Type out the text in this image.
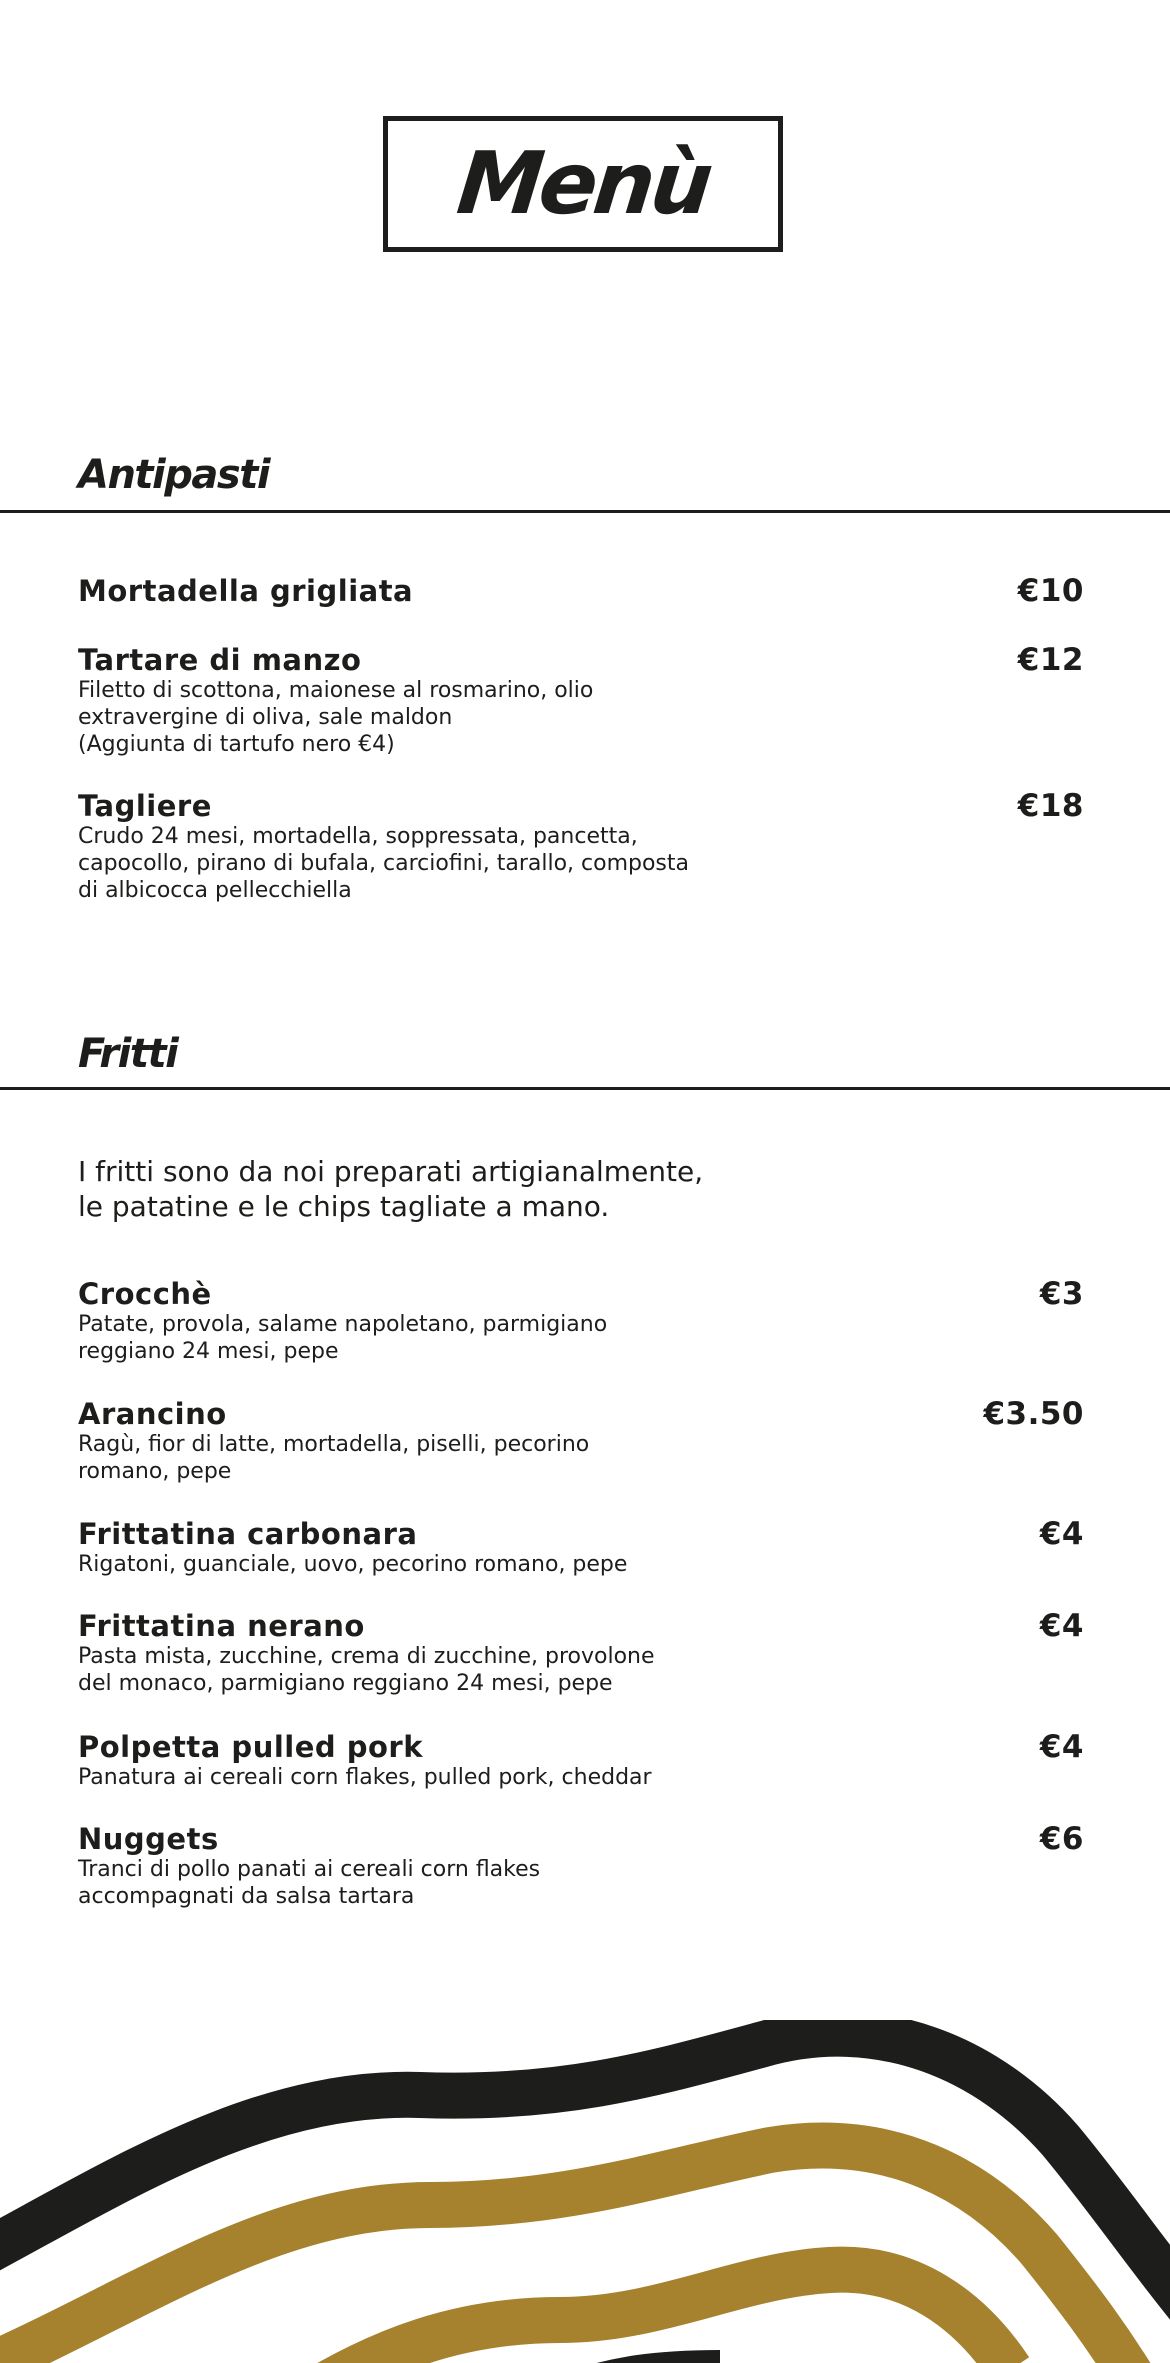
Menù
Antipasti
Mortadella grigliata	€10
Tartare di manzo
Filetto di scottona, maionese al rosmarino, olio
extravergine di oliva, sale maldon
(Aggiunta di tartufo nero €4)
€12
Tagliere
Crudo 24 mesi, mortadella, soppressata, pancetta,
capocollo, pirano di bufala, carciofini, tarallo, composta
di albicocca pellecchiella
€18
Fritti
I fritti sono da noi preparati artigianalmente,
le patatine e le chips tagliate a mano.
Crocchè
Patate, provola, salame napoletano, parmigiano
reggiano 24 mesi, pepe
€3
Arancino
Ragù, fior di latte, mortadella, piselli, pecorino
romano, pepe
€3.50
Frittatina carbonara
Rigatoni, guanciale, uovo, pecorino romano, pepe
€4
Frittatina nerano
Pasta mista, zucchine, crema di zucchine, provolone
del monaco, parmigiano reggiano 24 mesi, pepe
€4
Polpetta pulled pork
Panatura ai cereali corn flakes, pulled pork, cheddar
€4
Nuggets
Tranci di pollo panati ai cereali corn flakes
accompagnati da salsa tartara
€6
